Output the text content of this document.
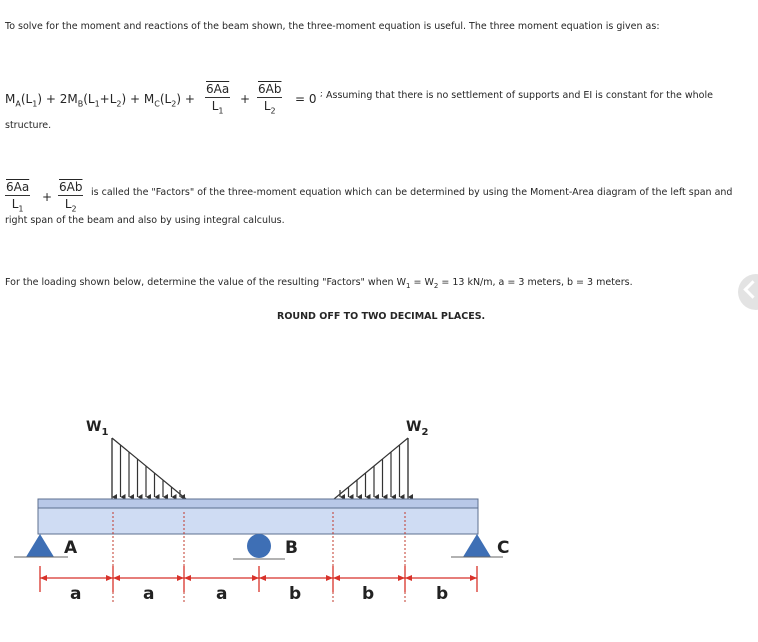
To solve for the moment and reactions of the beam shown, the three-moment equation is useful. The three moment equation is given as:
$M_A(L_1) + 2M_B(L_1+L_2) + M_C(L_2) + \frac{6Aa}{L_1} + \frac{6Ab}{L_2} = 0$ ; Assuming that there is no settlement of supports and EI is constant for the whole
structure.
$\frac{6Aa}{L_1} + \frac{6Ab}{L_2}$ is called the "Factors" of the three-moment equation which can be determined by using the Moment-Area diagram of the left span and
right span of the beam and also by using integral calculus.
For the loading shown below, determine the value of the resulting "Factors" when $W_1 = W_2 = 13$ kN/m, a = 3 meters, b = 3 meters.
ROUND OFF TO TWO DECIMAL PLACES.
$W_1$	$W_2$
A	B	C
a	a	a	b	b	b
